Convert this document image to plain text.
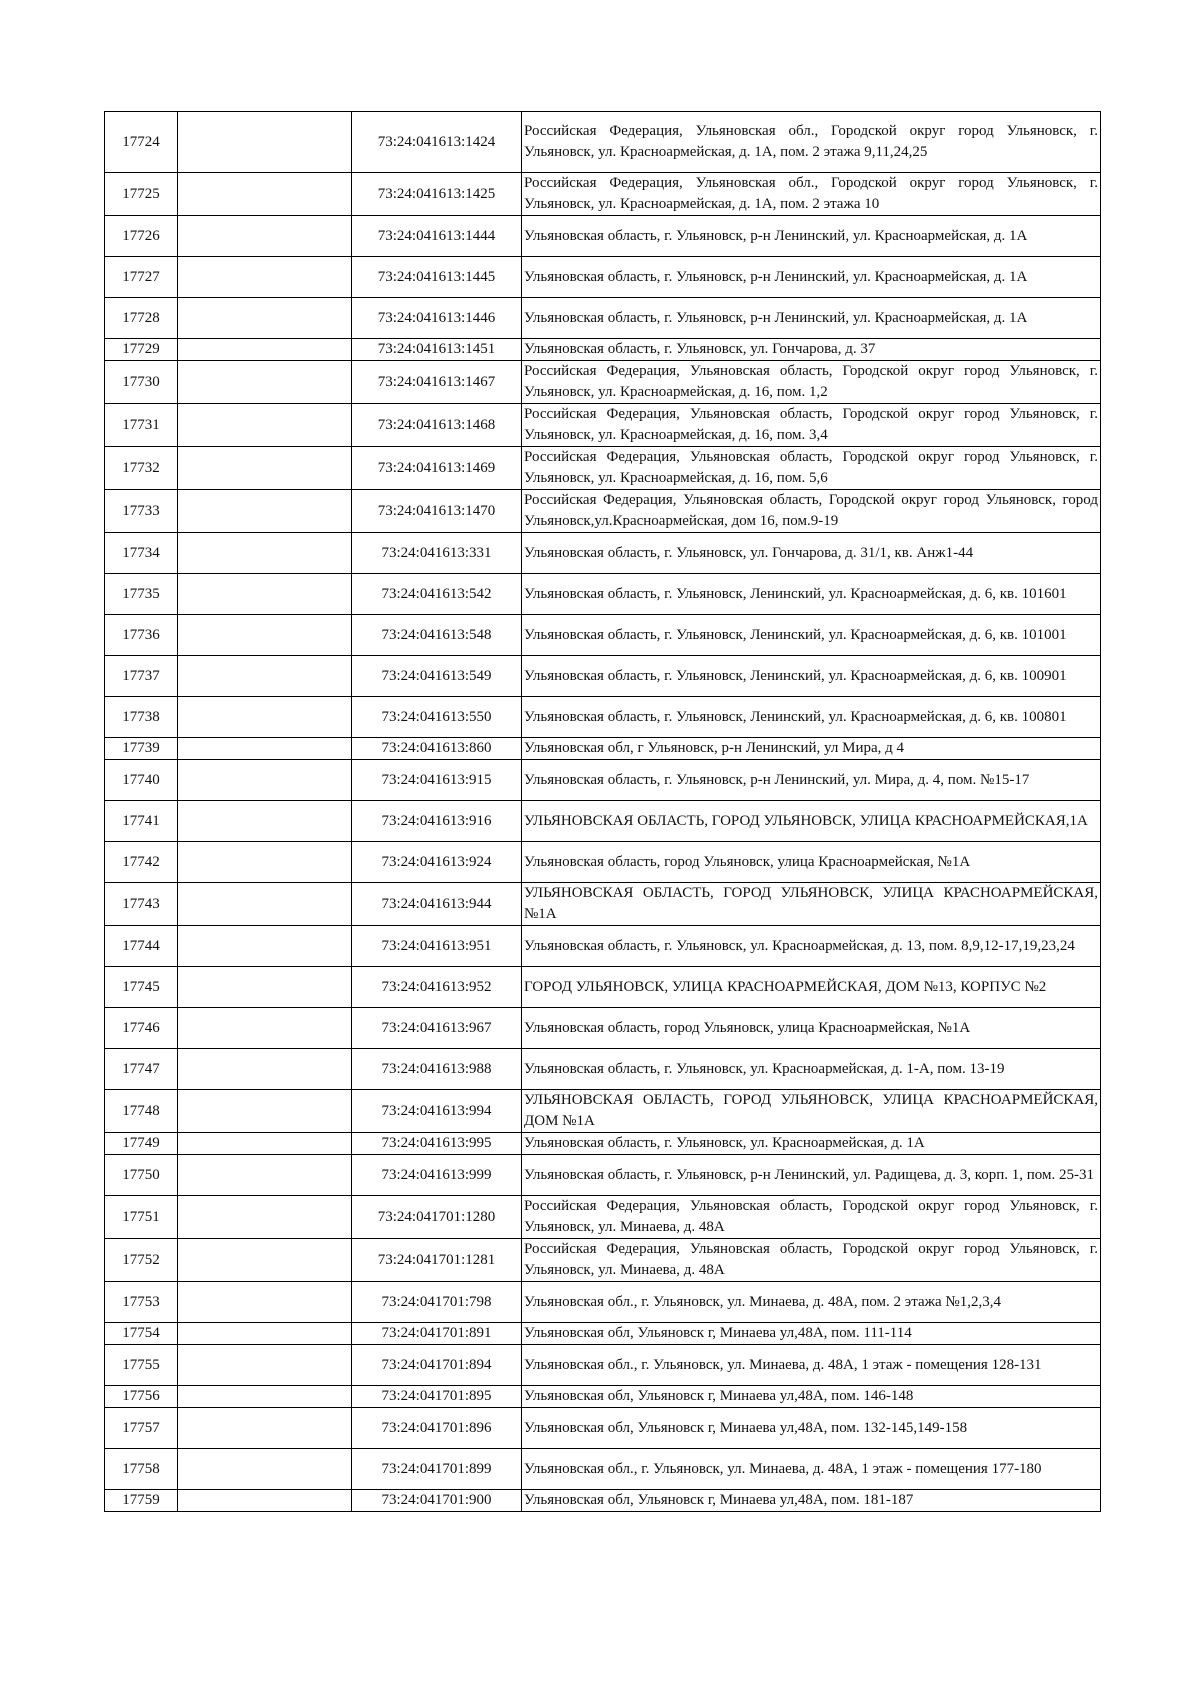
17724		73:24:041613:1424	Российская Федерация, Ульяновская обл., Городской округ город Ульяновск, г. Ульяновск, ул. Красноармейская, д. 1А, пом. 2 этажа 9,11,24,25
17725		73:24:041613:1425	Российская Федерация, Ульяновская обл., Городской округ город Ульяновск, г. Ульяновск, ул. Красноармейская, д. 1А, пом. 2 этажа 10
17726		73:24:041613:1444	Ульяновская область, г. Ульяновск, р-н Ленинский, ул. Красноармейская, д. 1А
17727		73:24:041613:1445	Ульяновская область, г. Ульяновск, р-н Ленинский, ул. Красноармейская, д. 1А
17728		73:24:041613:1446	Ульяновская область, г. Ульяновск, р-н Ленинский, ул. Красноармейская, д. 1А
17729		73:24:041613:1451	Ульяновская область, г. Ульяновск, ул. Гончарова, д. 37
17730		73:24:041613:1467	Российская Федерация, Ульяновская область, Городской округ город Ульяновск, г. Ульяновск, ул. Красноармейская, д. 16, пом. 1,2
17731		73:24:041613:1468	Российская Федерация, Ульяновская область, Городской округ город Ульяновск, г. Ульяновск, ул. Красноармейская, д. 16, пом. 3,4
17732		73:24:041613:1469	Российская Федерация, Ульяновская область, Городской округ город Ульяновск, г. Ульяновск, ул. Красноармейская, д. 16, пом. 5,6
17733		73:24:041613:1470	Российская Федерация, Ульяновская область, Городской округ город Ульяновск, город Ульяновск,ул.Красноармейская, дом 16, пом.9-19
17734		73:24:041613:331	Ульяновская область, г. Ульяновск, ул. Гончарова, д. 31/1, кв. Анж1-44
17735		73:24:041613:542	Ульяновская область, г. Ульяновск, Ленинский, ул. Красноармейская, д. 6, кв. 101601
17736		73:24:041613:548	Ульяновская область, г. Ульяновск, Ленинский, ул. Красноармейская, д. 6, кв. 101001
17737		73:24:041613:549	Ульяновская область, г. Ульяновск, Ленинский, ул. Красноармейская, д. 6, кв. 100901
17738		73:24:041613:550	Ульяновская область, г. Ульяновск, Ленинский, ул. Красноармейская, д. 6, кв. 100801
17739		73:24:041613:860	Ульяновская обл, г Ульяновск, р-н Ленинский, ул Мира, д 4
17740		73:24:041613:915	Ульяновская область, г. Ульяновск, р-н Ленинский, ул. Мира, д. 4, пом. №15-17
17741		73:24:041613:916	УЛЬЯНОВСКАЯ ОБЛАСТЬ, ГОРОД УЛЬЯНОВСК, УЛИЦА КРАСНОАРМЕЙСКАЯ,1А
17742		73:24:041613:924	Ульяновская область, город Ульяновск, улица Красноармейская, №1А
17743		73:24:041613:944	УЛЬЯНОВСКАЯ ОБЛАСТЬ, ГОРОД УЛЬЯНОВСК, УЛИЦА КРАСНОАРМЕЙСКАЯ, №1А
17744		73:24:041613:951	Ульяновская область, г. Ульяновск, ул. Красноармейская, д. 13, пом. 8,9,12-17,19,23,24
17745		73:24:041613:952	ГОРОД УЛЬЯНОВСК, УЛИЦА КРАСНОАРМЕЙСКАЯ, ДОМ №13, КОРПУС №2
17746		73:24:041613:967	Ульяновская область, город Ульяновск, улица Красноармейская, №1А
17747		73:24:041613:988	Ульяновская область, г. Ульяновск, ул. Красноармейская, д. 1-А, пом. 13-19
17748		73:24:041613:994	УЛЬЯНОВСКАЯ ОБЛАСТЬ, ГОРОД УЛЬЯНОВСК, УЛИЦА КРАСНОАРМЕЙСКАЯ, ДОМ №1А
17749		73:24:041613:995	Ульяновская область, г. Ульяновск, ул. Красноармейская, д. 1А
17750		73:24:041613:999	Ульяновская область, г. Ульяновск, р-н Ленинский, ул. Радищева, д. 3, корп. 1, пом. 25-31
17751		73:24:041701:1280	Российская Федерация, Ульяновская область, Городской округ город Ульяновск, г. Ульяновск, ул. Минаева, д. 48А
17752		73:24:041701:1281	Российская Федерация, Ульяновская область, Городской округ город Ульяновск, г. Ульяновск, ул. Минаева, д. 48А
17753		73:24:041701:798	Ульяновская обл., г. Ульяновск, ул. Минаева, д. 48А, пом. 2 этажа №1,2,3,4
17754		73:24:041701:891	Ульяновская обл, Ульяновск г, Минаева ул,48А, пом. 111-114
17755		73:24:041701:894	Ульяновская обл., г. Ульяновск, ул. Минаева, д. 48А, 1 этаж - помещения 128-131
17756		73:24:041701:895	Ульяновская обл, Ульяновск г, Минаева ул,48А, пом. 146-148
17757		73:24:041701:896	Ульяновская обл, Ульяновск г, Минаева ул,48А, пом. 132-145,149-158
17758		73:24:041701:899	Ульяновская обл., г. Ульяновск, ул. Минаева, д. 48А, 1 этаж - помещения 177-180
17759		73:24:041701:900	Ульяновская обл, Ульяновск г, Минаева ул,48А, пом. 181-187
